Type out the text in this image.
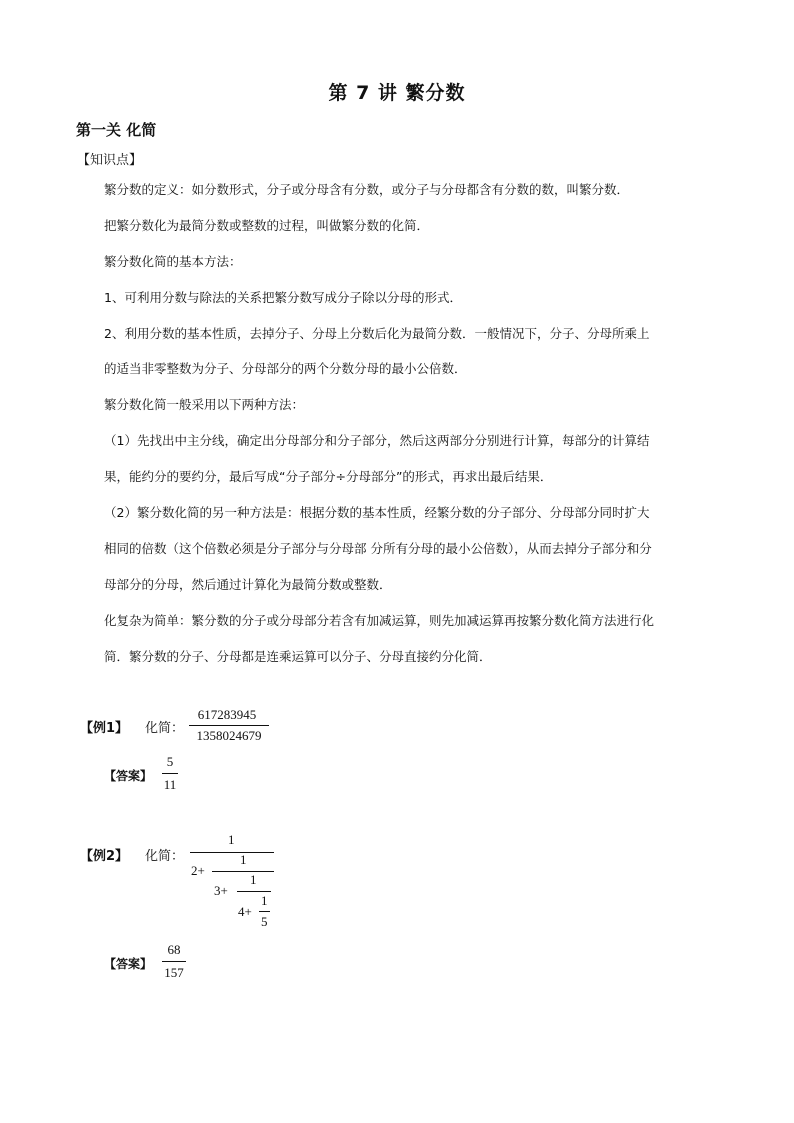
第 7 讲 繁分数
第一关 化简
【知识点】
繁分数的定义：如分数形式，分子或分母含有分数，或分子与分母都含有分数的数，叫繁分数．
把繁分数化为最简分数或整数的过程，叫做繁分数的化简．
繁分数化简的基本方法：
1、可利用分数与除法的关系把繁分数写成分子除以分母的形式．
2、利用分数的基本性质，去掉分子、分母上分数后化为最简分数．一般情况下，分子、分母所乘上
的适当非零整数为分子、分母部分的两个分数分母的最小公倍数．
繁分数化简一般采用以下两种方法：
（1）先找出中主分线，确定出分母部分和分子部分，然后这两部分分别进行计算，每部分的计算结
果，能约分的要约分，最后写成“分子部分÷分母部分”的形式，再求出最后结果．
（2）繁分数化简的另一种方法是：根据分数的基本性质，经繁分数的分子部分、分母部分同时扩大
相同的倍数（这个倍数必须是分子部分与分母部 分所有分母的最小公倍数），从而去掉分子部分和分
母部分的分母，然后通过计算化为最简分数或整数．
化复杂为简单：繁分数的分子或分母部分若含有加减运算，则先加减运算再按繁分数化简方法进行化
简．繁分数的分子、分母都是连乘运算可以分子、分母直接约分化简．
【例1】 化简：
617283945
1358024679
【答案】
5
11
【例2】 化简：
1
2+
1
3+
1
4+
1
5
【答案】
68
157
